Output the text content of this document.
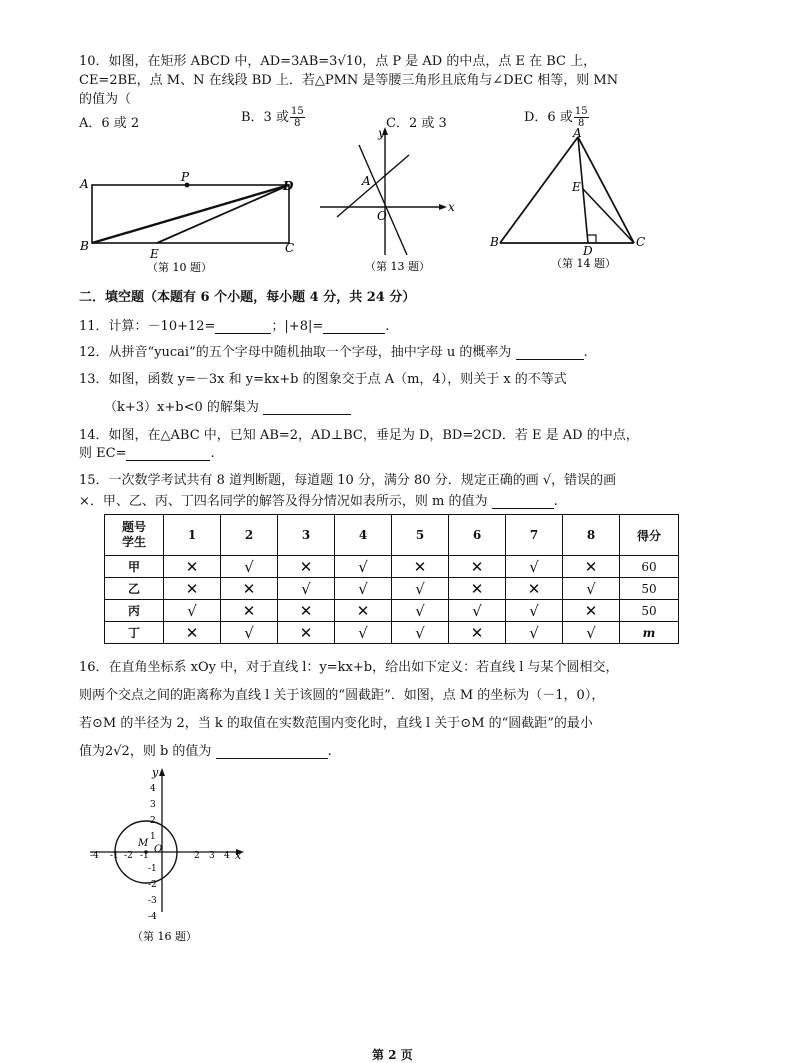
10．如图，在矩形 ABCD 中，AD=3AB=3√10，点 P 是 AD 的中点，点 E 在 BC 上，
CE=2BE，点 M、N 在线段 BD 上．若△PMN 是等腰三角形且底角与∠DEC 相等，则 MN
的值为（
A．6 或 2	B．3 或 $\frac{15}{8}$	C．2 或 3	D．6 或 $\frac{15}{8}$
A	P
D
B
E	C
（第 10 题）
y
A
O
x
（第 13 题）
A
E
B
D
C
（第 14 题）
二．填空题（本题有 6 个小题，每小题 4 分，共 24 分）
11．计算：－10+12=	；|+8|=	.
12．从拼音“yucai”的五个字母中随机抽取一个字母，抽中字母 u 的概率为	.
13．如图，函数 y=－3x 和 y=kx+b 的图象交于点 A（m，4），则关于 x 的不等式
（k+3）x+b<0 的解集为
14．如图，在△ABC 中，已知 AB=2，AD⊥BC，垂足为 D，BD=2CD．若 E 是 AD 的中点，
则 EC=	.
15．一次数学考试共有 8 道判断题，每道题 10 分，满分 80 分．规定正确的画 √，错误的画
×．甲、乙、丙、丁四名同学的解答及得分情况如表所示，则 m 的值为	.
题号
学生	1	2	3	4	5	6	7	8	得分
甲	✕	√	✕	√	✕	✕	√	✕	60
乙	✕	✕	√	√	√	✕	✕	√	50
丙	√	✕	✕	✕	√	√	√	✕	50
丁	✕	√	✕	√	√	✕	√	√	m
16．在直角坐标系 xOy 中，对于直线 l：y=kx+b，给出如下定义：若直线 l 与某个圆相交，
则两个交点之间的距离称为直线 l 关于该圆的“圆截距”．如图，点 M 的坐标为（－1，0），
若⊙M 的半径为 2，当 k 的取值在实数范围内变化时，直线 l 关于⊙M 的“圆截距”的最小
值为2√2，则 b 的值为	.
y
x
O
M
4
3
2
1
-1
-2
-3
-4
-4 -1 -2 -1	2 3 4
（第 16 题）
第 2 页
